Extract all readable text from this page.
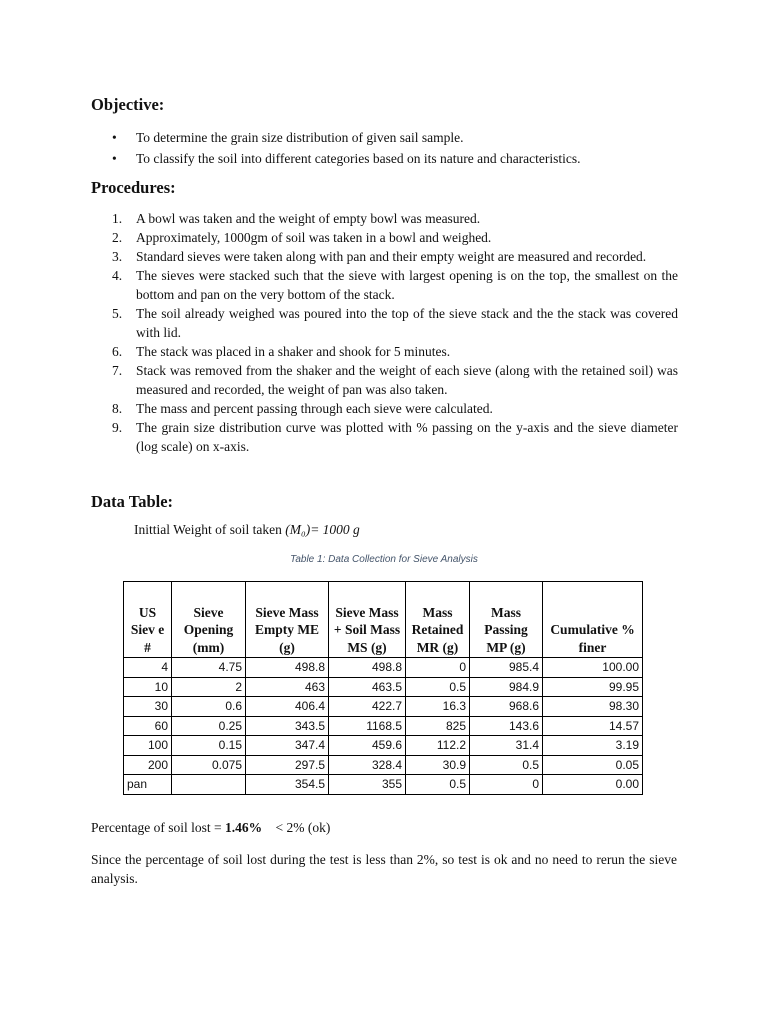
Objective:
• To determine the grain size distribution of given sail sample.
• To classify the soil into different categories based on its nature and characteristics.
Procedures:
1. A bowl was taken and the weight of empty bowl was measured.
2. Approximately, 1000gm of soil was taken in a bowl and weighed.
3. Standard sieves were taken along with pan and their empty weight are measured and recorded.
4. The sieves were stacked such that the sieve with largest opening is on the top, the smallest on the bottom and pan on the very bottom of the stack.
5. The soil already weighed was poured into the top of the sieve stack and the the stack was covered with lid.
6. The stack was placed in a shaker and shook for 5 minutes.
7. Stack was removed from the shaker and the weight of each sieve (along with the retained soil) was measured and recorded, the weight of pan was also taken.
8. The mass and percent passing through each sieve were calculated.
9. The grain size distribution curve was plotted with % passing on the y-axis and the sieve diameter (log scale) on x-axis.
Data Table:
Inittial Weight of soil taken (M₀)= 1000 g
Table 1: Data Collection for Sieve Analysis
US Siev e #	Sieve Opening (mm)	Sieve Mass Empty ME (g)	Sieve Mass + Soil Mass MS (g)	Mass Retained MR (g)	Mass Passing MP (g)	Cumulative % finer
4	4.75	498.8	498.8	0	985.4	100.00
10	2	463	463.5	0.5	984.9	99.95
30	0.6	406.4	422.7	16.3	968.6	98.30
60	0.25	343.5	1168.5	825	143.6	14.57
100	0.15	347.4	459.6	112.2	31.4	3.19
200	0.075	297.5	328.4	30.9	0.5	0.05
pan		354.5	355	0.5	0	0.00
Percentage of soil lost = 1.46% < 2% (ok)
Since the percentage of soil lost during the test is less than 2%, so test is ok and no need to rerun the sieve analysis.
